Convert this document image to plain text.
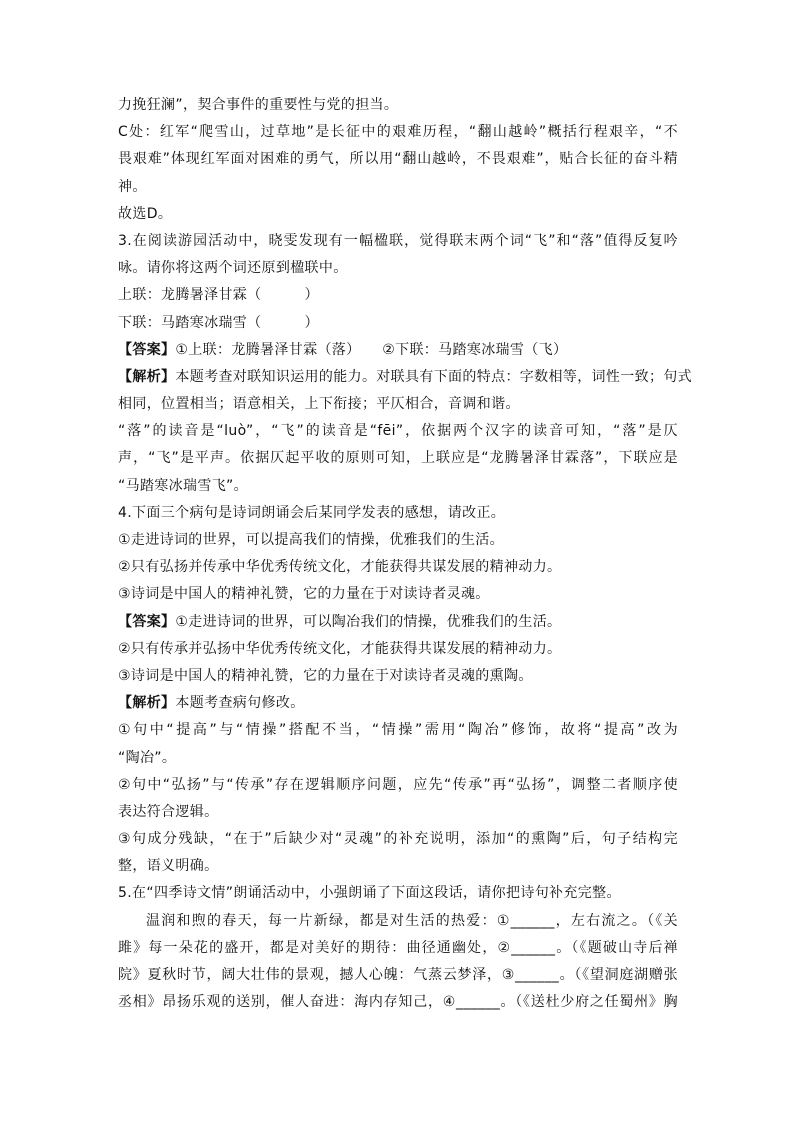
力挽狂澜”，契合事件的重要性与党的担当。
C处：红军“爬雪山，过草地”是长征中的艰难历程，“翻山越岭”概括行程艰辛，“不
畏艰难”体现红军面对困难的勇气，所以用“翻山越岭，不畏艰难”，贴合长征的奋斗精
神。
故选D。
3.在阅读游园活动中，晓雯发现有一幅楹联，觉得联末两个词“飞”和“落”值得反复吟
咏。请你将这两个词还原到楹联中。
上联：龙腾暑泽甘霖（　　　）
下联：马踏寒冰瑞雪（　　　）
【答案】①上联：龙腾暑泽甘霖（落）　　②下联：马踏寒冰瑞雪（飞）
【解析】本题考查对联知识运用的能力。对联具有下面的特点：字数相等，词性一致；句式
相同，位置相当；语意相关，上下衔接；平仄相合，音调和谐。
“落”的读音是“luò”，“飞”的读音是“fēi”，依据两个汉字的读音可知，“落”是仄
声，“飞”是平声。依据仄起平收的原则可知，上联应是“龙腾暑泽甘霖落”，下联应是
“马踏寒冰瑞雪飞”。
4.下面三个病句是诗词朗诵会后某同学发表的感想，请改正。
①走进诗词的世界，可以提高我们的情操，优雅我们的生活。
②只有弘扬并传承中华优秀传统文化，才能获得共谋发展的精神动力。
③诗词是中国人的精神礼赞，它的力量在于对读诗者灵魂。
【答案】①走进诗词的世界，可以陶冶我们的情操，优雅我们的生活。
②只有传承并弘扬中华优秀传统文化，才能获得共谋发展的精神动力。
③诗词是中国人的精神礼赞，它的力量在于对读诗者灵魂的熏陶。
【解析】本题考查病句修改。
①句中“提高”与“情操”搭配不当，“情操”需用“陶冶”修饰，故将“提高”改为
“陶冶”。
②句中“弘扬”与“传承”存在逻辑顺序问题，应先“传承”再“弘扬”，调整二者顺序使
表达符合逻辑。
③句成分残缺，“在于”后缺少对“灵魂”的补充说明，添加“的熏陶”后，句子结构完
整，语义明确。
5.在“四季诗文情”朗诵活动中，小强朗诵了下面这段话，请你把诗句补充完整。
温润和煦的春天，每一片新绿，都是对生活的热爱：①______，左右流之。（《关
雎》每一朵花的盛开，都是对美好的期待：曲径通幽处，②______。（《题破山寺后禅
院》夏秋时节，阔大壮伟的景观，撼人心魄：气蒸云梦泽，③______。（《望洞庭湖赠张
丞相》昂扬乐观的送别，催人奋进：海内存知己，④______。（《送杜少府之任蜀州》胸
